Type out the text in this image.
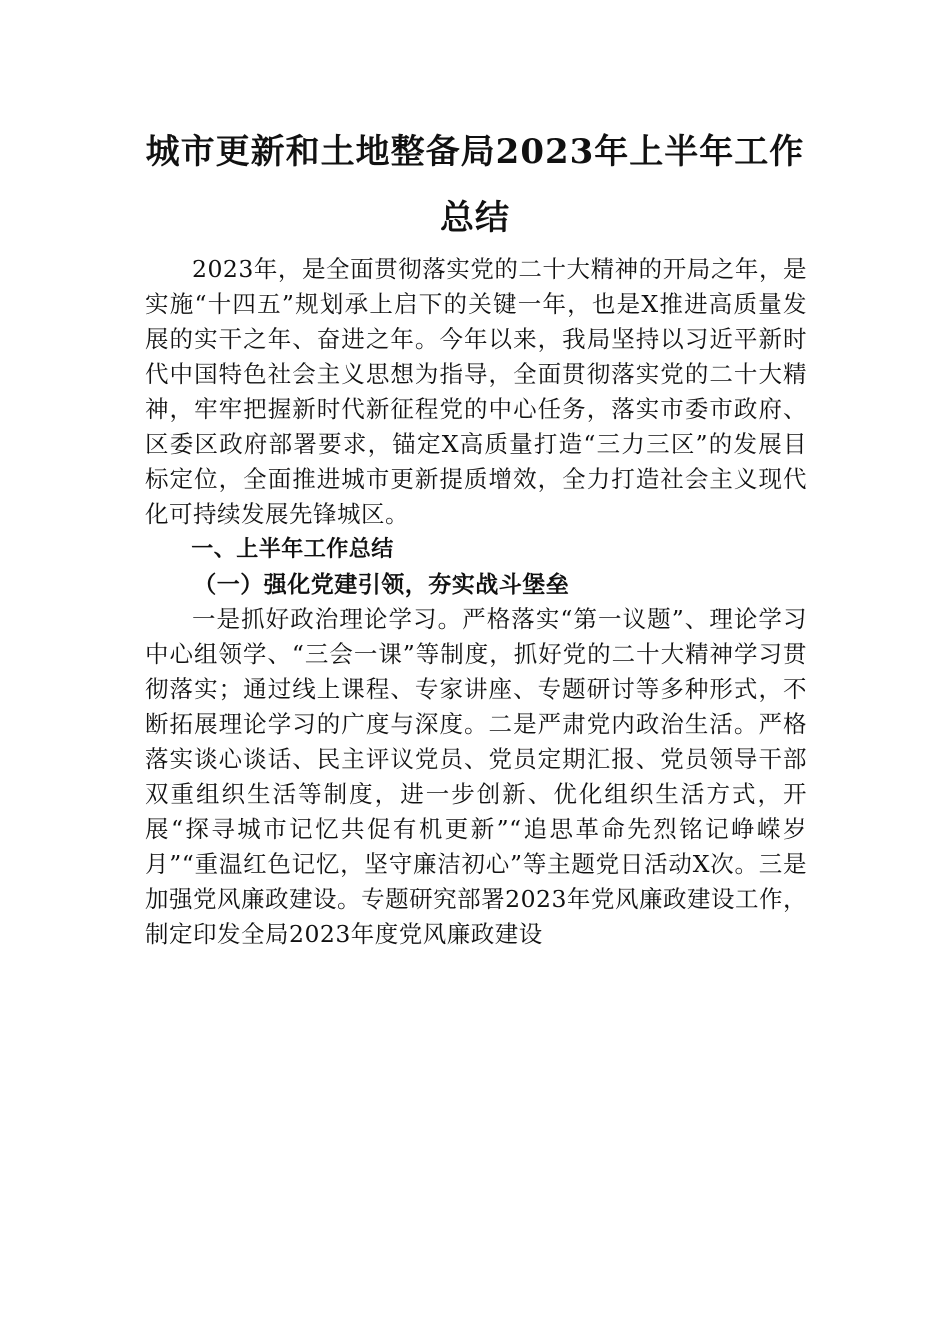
城市更新和土地整备局2023年上半年工作
总结

2023年，是全面贯彻落实党的二十大精神的开局之年，是实施“十四五”规划承上启下的关键一年，也是X推进高质量发展的实干之年、奋进之年。今年以来，我局坚持以习近平新时代中国特色社会主义思想为指导，全面贯彻落实党的二十大精神，牢牢把握新时代新征程党的中心任务，落实市委市政府、区委区政府部署要求，锚定X高质量打造“三力三区”的发展目标定位，全面推进城市更新提质增效，全力打造社会主义现代化可持续发展先锋城区。

一、上半年工作总结
（一）强化党建引领，夯实战斗堡垒

一是抓好政治理论学习。严格落实“第一议题”、理论学习中心组领学、“三会一课”等制度，抓好党的二十大精神学习贯彻落实；通过线上课程、专家讲座、专题研讨等多种形式，不断拓展理论学习的广度与深度。二是严肃党内政治生活。严格落实谈心谈话、民主评议党员、党员定期汇报、党员领导干部双重组织生活等制度，进一步创新、优化组织生活方式，开展“探寻城市记忆共促有机更新”“追思革命先烈铭记峥嵘岁月”“重温红色记忆，坚守廉洁初心”等主题党日活动X次。三是加强党风廉政建设。专题研究部署2023年党风廉政建设工作，制定印发全局2023年度党风廉政建设
